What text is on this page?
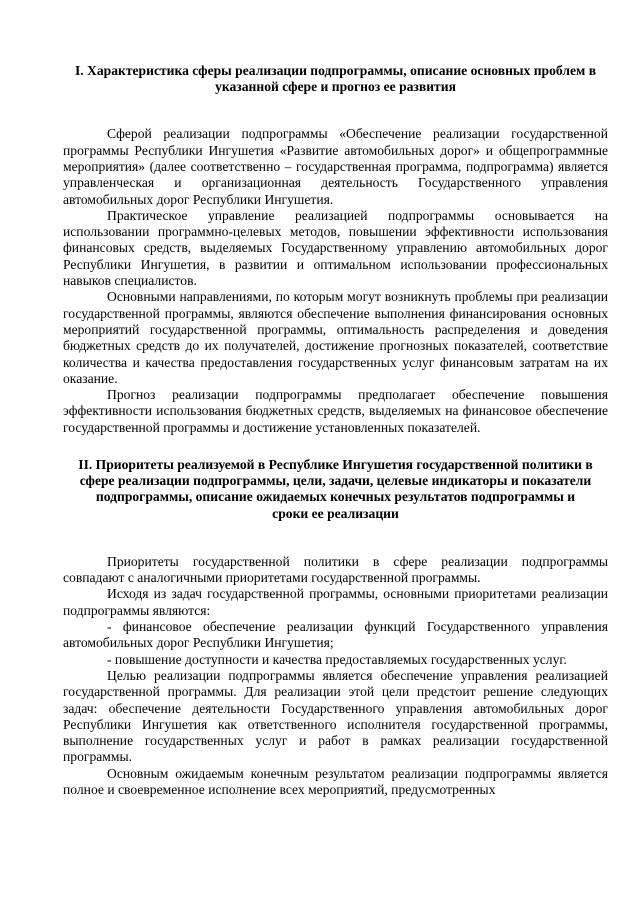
I. Характеристика сферы реализации подпрограммы, описание основных проблем в указанной сфере и прогноз ее развития

Сферой реализации подпрограммы «Обеспечение реализации государственной программы Республики Ингушетия «Развитие автомобильных дорог» и общепрограммные мероприятия» (далее соответственно – государственная программа, подпрограмма) является управленческая и организационная деятельность Государственного управления автомобильных дорог Республики Ингушетия.

Практическое управление реализацией подпрограммы основывается на использовании программно-целевых методов, повышении эффективности использования финансовых средств, выделяемых Государственному управлению автомобильных дорог Республики Ингушетия, в развитии и оптимальном использовании профессиональных навыков специалистов.

Основными направлениями, по которым могут возникнуть проблемы при реализации государственной программы, являются обеспечение выполнения финансирования основных мероприятий государственной программы, оптимальность распределения и доведения бюджетных средств до их получателей, достижение прогнозных показателей, соответствие количества и качества предоставления государственных услуг финансовым затратам на их оказание.

Прогноз реализации подпрограммы предполагает обеспечение повышения эффективности использования бюджетных средств, выделяемых на финансовое обеспечение государственной программы и достижение установленных показателей.

II. Приоритеты реализуемой в Республике Ингушетия государственной политики в сфере реализации подпрограммы, цели, задачи, целевые индикаторы и показатели подпрограммы, описание ожидаемых конечных результатов подпрограммы и сроки ее реализации

Приоритеты государственной политики в сфере реализации подпрограммы совпадают с аналогичными приоритетами государственной программы.

Исходя из задач государственной программы, основными приоритетами реализации подпрограммы являются:

- финансовое обеспечение реализации функций Государственного управления автомобильных дорог Республики Ингушетия;

- повышение доступности и качества предоставляемых государственных услуг.

Целью реализации подпрограммы является обеспечение управления реализацией государственной программы. Для реализации этой цели предстоит решение следующих задач: обеспечение деятельности Государственного управления автомобильных дорог Республики Ингушетия как ответственного исполнителя государственной программы, выполнение государственных услуг и работ в рамках реализации государственной программы.

Основным ожидаемым конечным результатом реализации подпрограммы является полное и своевременное исполнение всех мероприятий, предусмотренных
